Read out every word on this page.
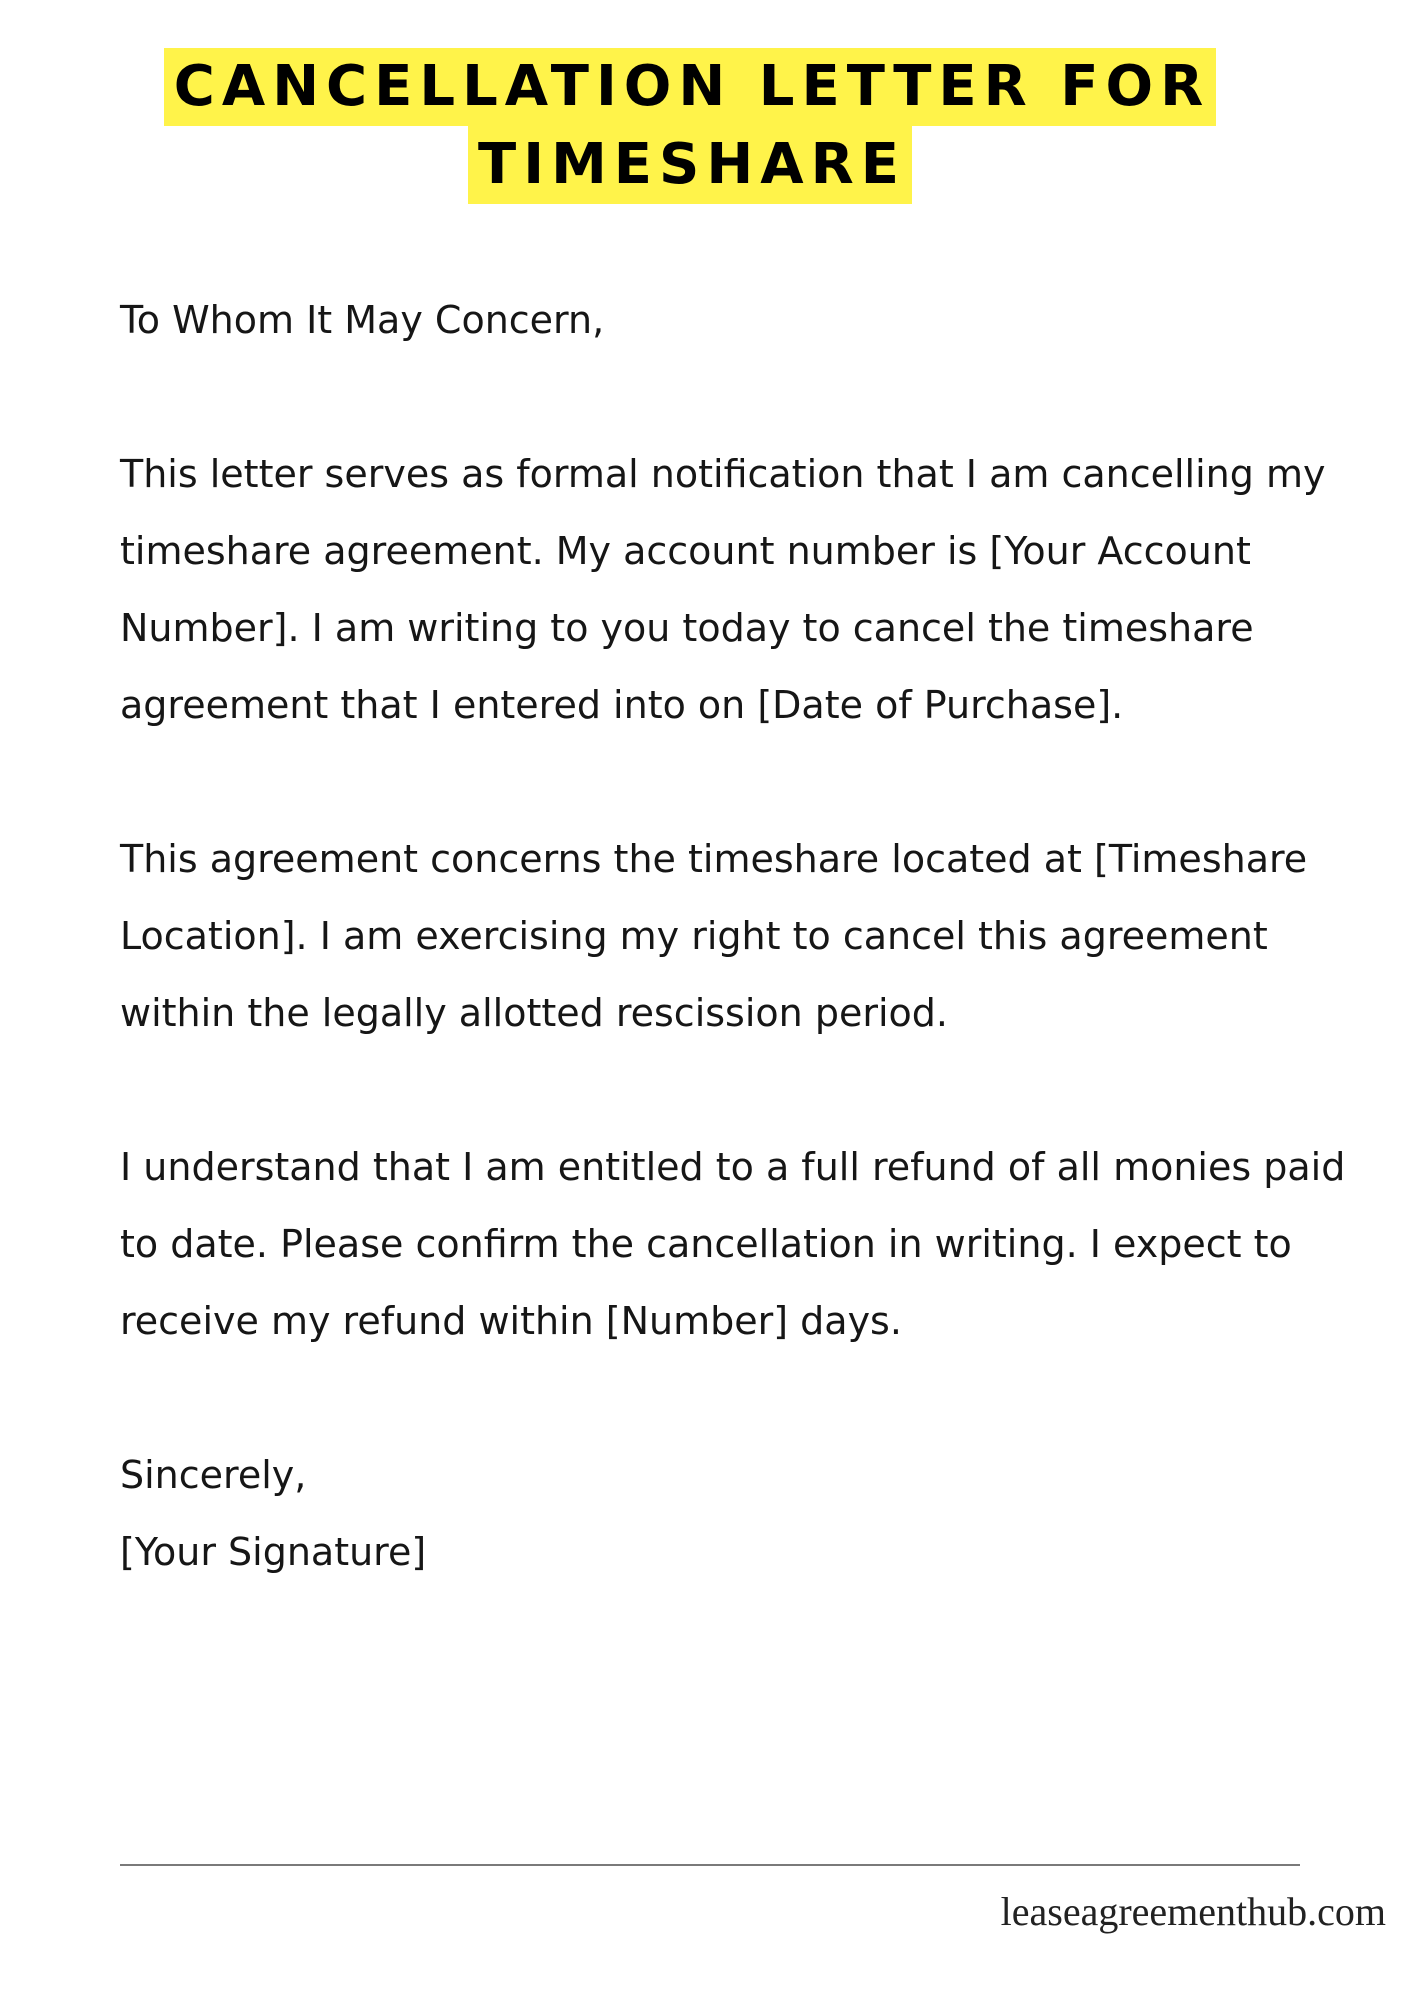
CANCELLATION LETTER FOR
TIMESHARE

To Whom It May Concern,

This letter serves as formal notification that I am cancelling my timeshare agreement. My account number is [Your Account Number]. I am writing to you today to cancel the timeshare agreement that I entered into on [Date of Purchase].

This agreement concerns the timeshare located at [Timeshare Location]. I am exercising my right to cancel this agreement within the legally allotted rescission period.

I understand that I am entitled to a full refund of all monies paid to date. Please confirm the cancellation in writing. I expect to receive my refund within [Number] days.

Sincerely,

[Your Signature]

leaseagreementhub.com
